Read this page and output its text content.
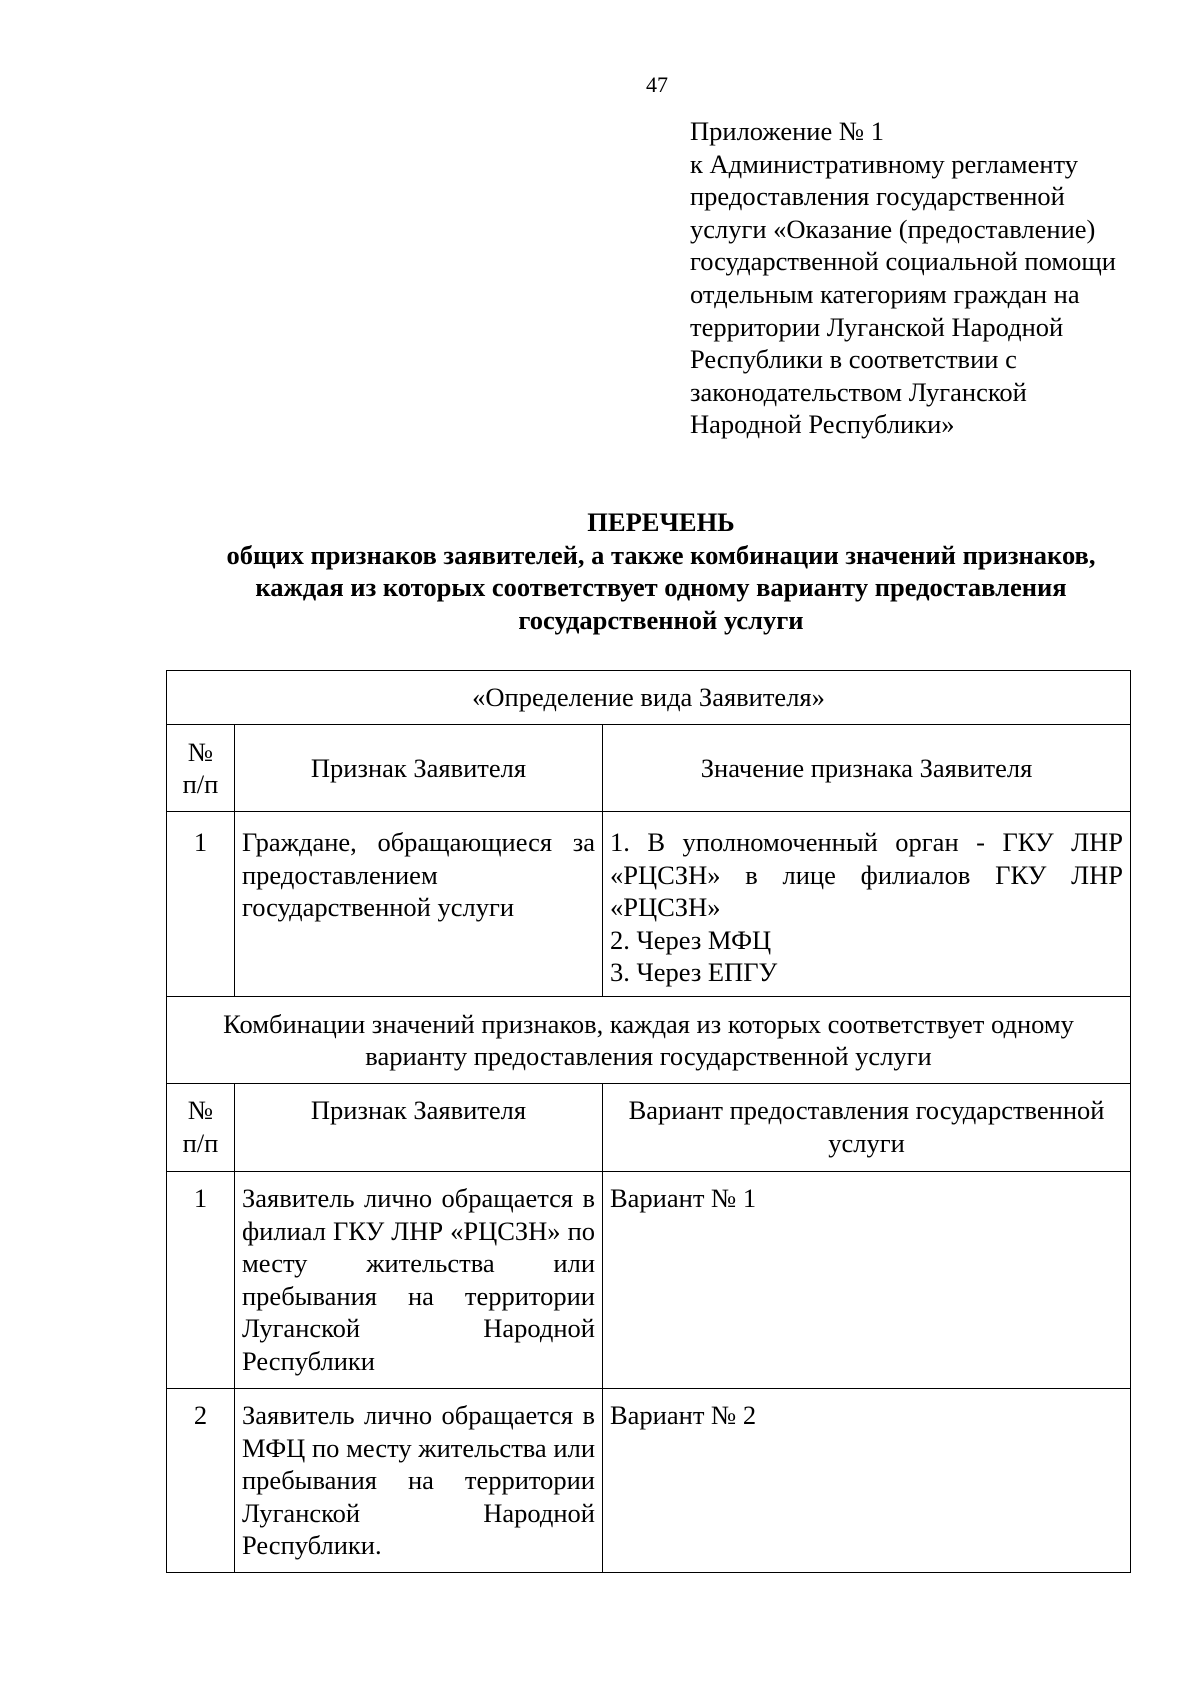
47
Приложение № 1
к Административному регламенту
предоставления государственной
услуги «Оказание (предоставление)
государственной социальной помощи
отдельным категориям граждан на
территории Луганской Народной
Республики в соответствии с
законодательством Луганской
Народной Республики»
ПЕРЕЧЕНЬ
общих признаков заявителей, а также комбинации значений признаков,
каждая из которых соответствует одному варианту предоставления
государственной услуги
«Определение вида Заявителя»		
№ п/п	Признак Заявителя	Значение признака Заявителя
1	Граждане, обращающиеся за предоставлением государственной услуги	1. В уполномоченный орган - ГКУ ЛНР «РЦСЗН» в лице филиалов ГКУ ЛНР «РЦСЗН»
2. Через МФЦ
3. Через ЕПГУ

Комбинации значений признаков, каждая из которых соответствует одному варианту предоставления государственной услуги		
№ п/п	Признак Заявителя	Вариант предоставления государственной услуги
1	Заявитель лично обращается в филиал ГКУ ЛНР «РЦСЗН» по месту жительства или пребывания на территории Луганской Народной Республики	Вариант № 1
2	Заявитель лично обращается в МФЦ по месту жительства или пребывания на территории Луганской Народной Республики.	Вариант № 2
